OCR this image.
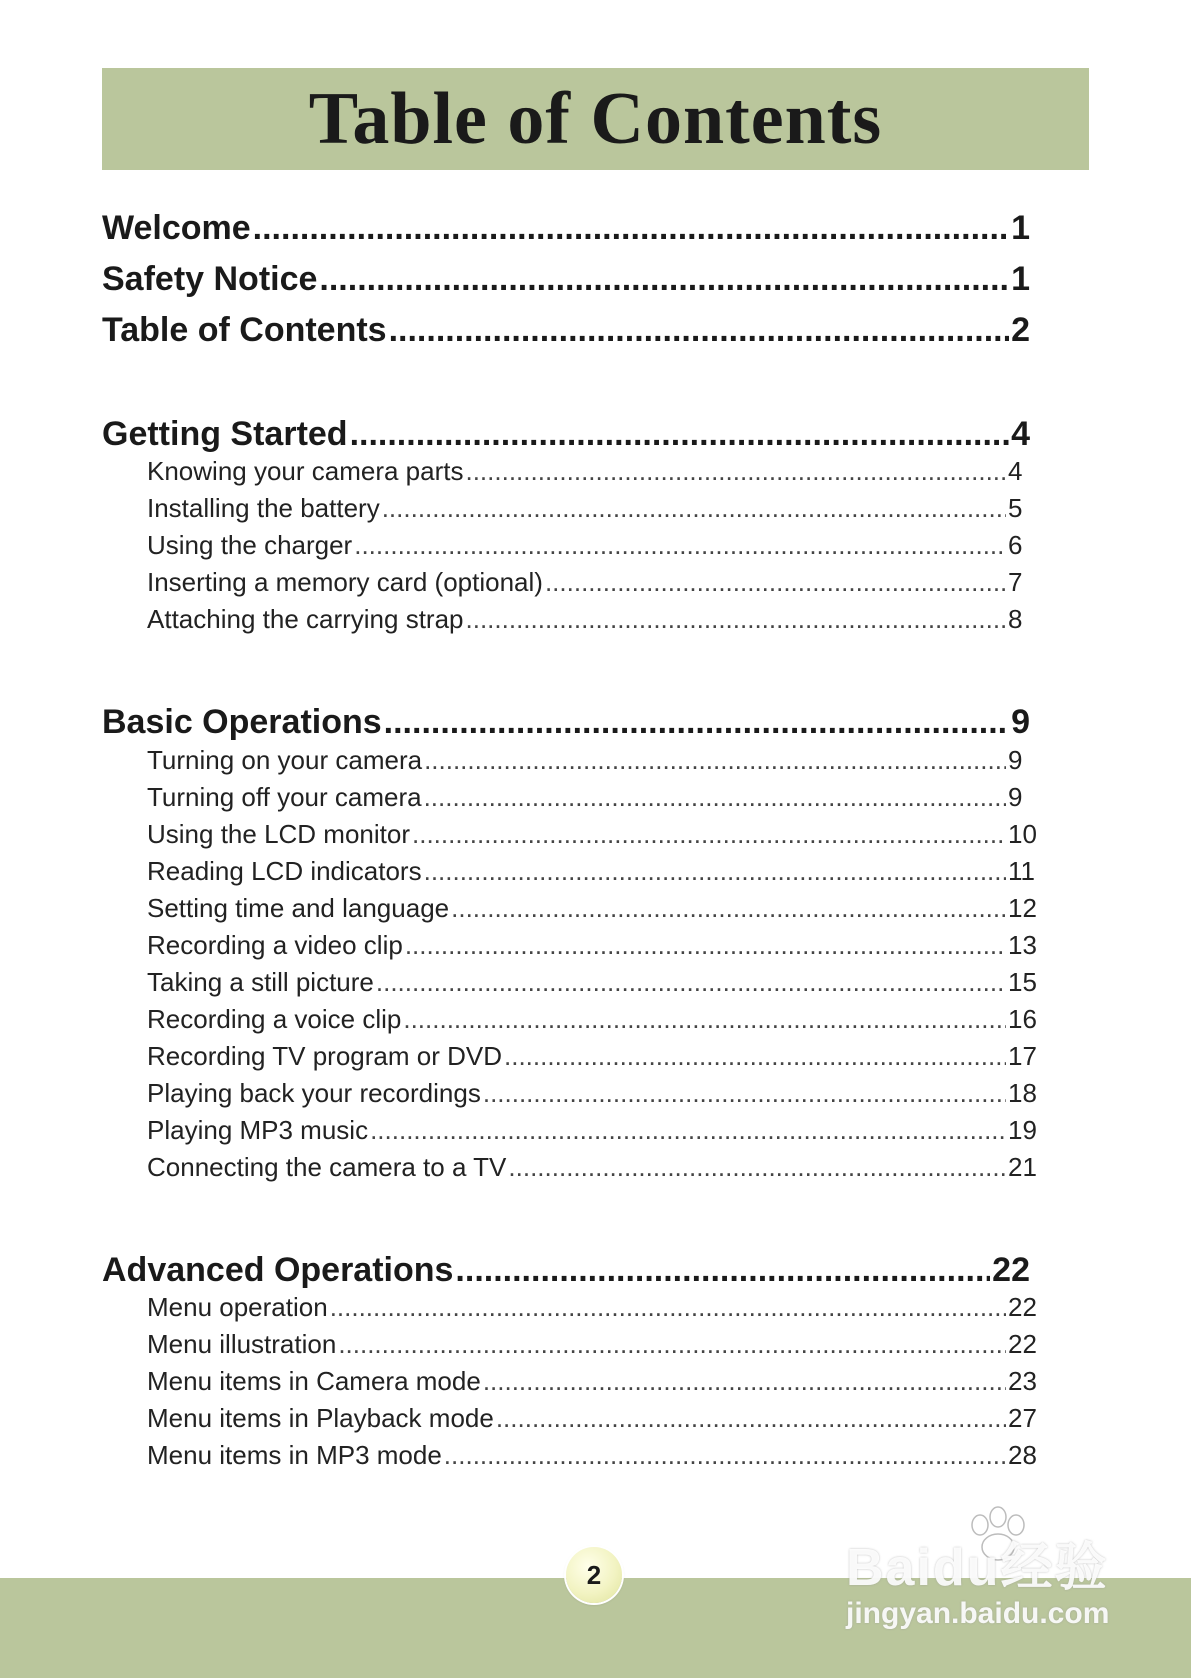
Table of Contents
Welcome .....	1
Safety Notice .....	1
Table of Contents .....	2
Getting Started .....	4
Knowing your camera parts .....	4
Installing the battery .....	5
Using the charger .....	6
Inserting a memory card (optional) .....	7
Attaching the carrying strap .....	8
Basic Operations .....	9
Turning on your camera .....	9
Turning off your camera .....	9
Using the LCD monitor .....	10
Reading LCD indicators .....	11
Setting time and language .....	12
Recording a video clip .....	13
Taking a still picture .....	15
Recording a voice clip .....	16
Recording TV program or DVD .....	17
Playing back your recordings .....	18
Playing MP3 music .....	19
Connecting the camera to a TV .....	21
Advanced Operations .....	22
Menu operation .....	22
Menu illustration .....	22
Menu items in Camera mode .....	23
Menu items in Playback mode .....	27
Menu items in MP3 mode .....	28
2	Baidu经验
jingyan.baidu.com
